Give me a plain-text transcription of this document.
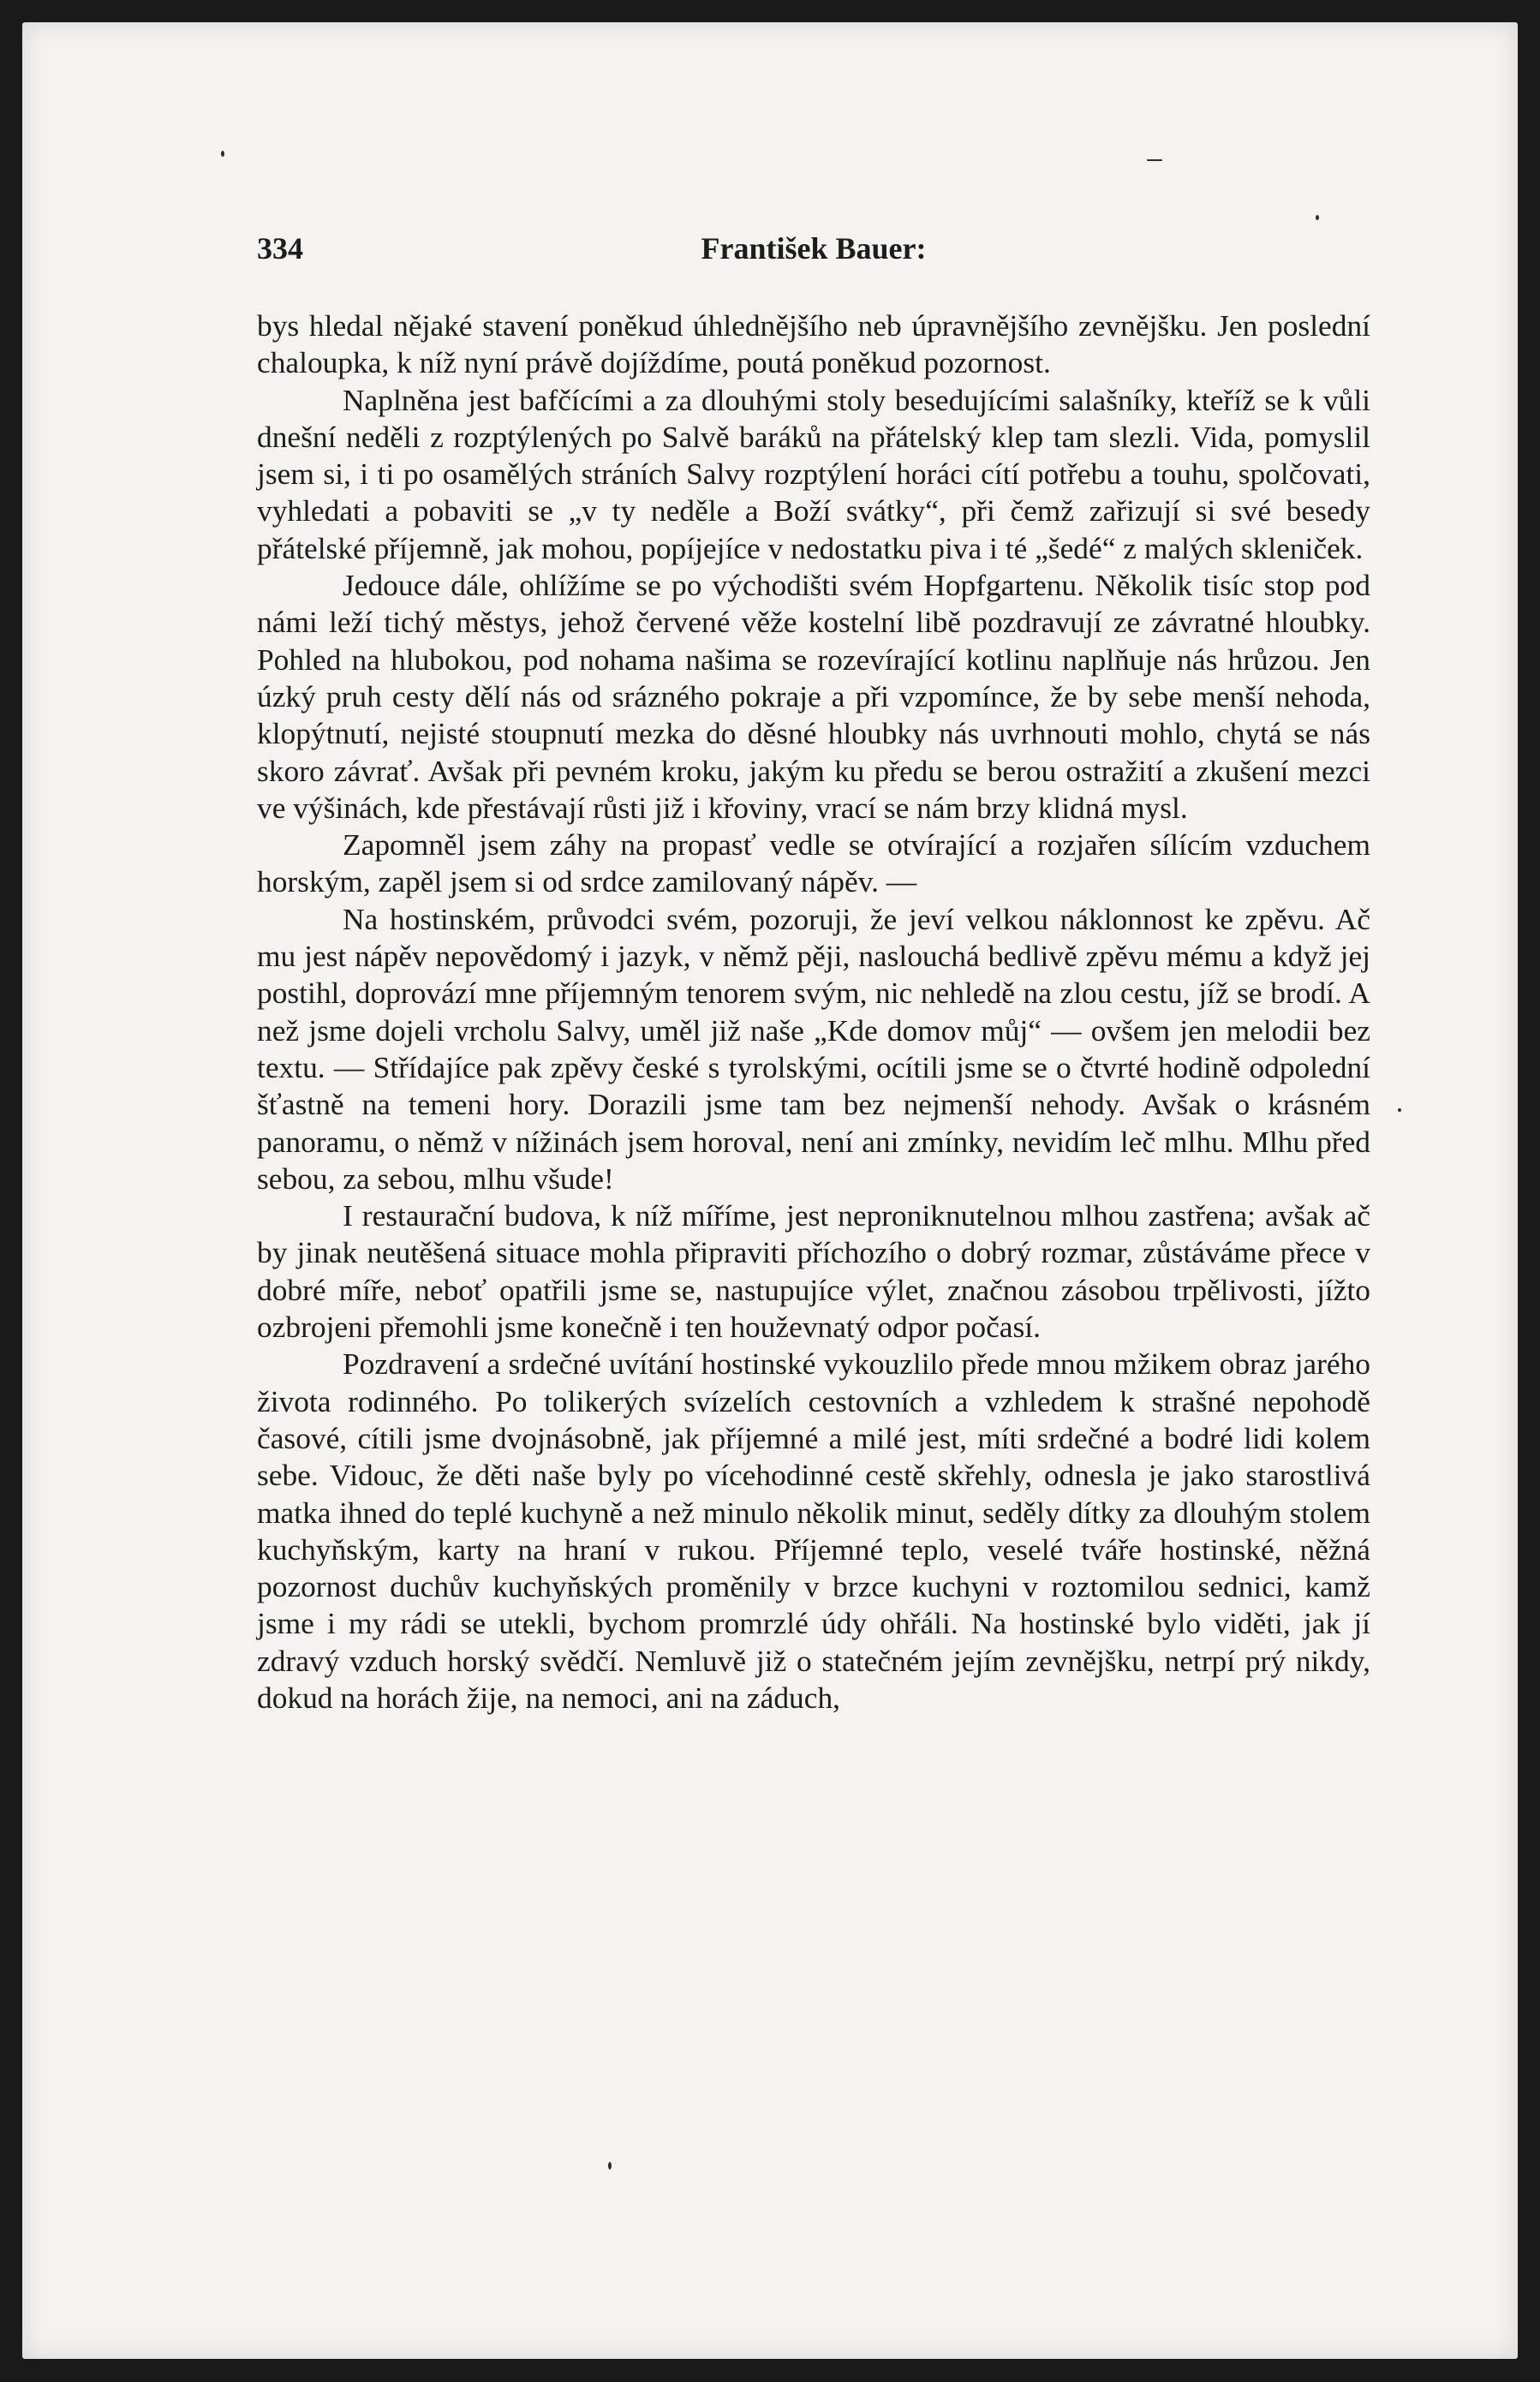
334	František Bauer:

bys hledal nějaké stavení poněkud úhlednějšího neb úpravnějšího zevnějšku. Jen poslední chaloupka, k níž nyní právě dojíždíme, poutá poněkud pozornost.

Naplněna jest bafčícími a za dlouhými stoly besedujícími salašníky, kteříž se k vůli dnešní neděli z rozptýlených po Salvě baráků na přátelský klep tam slezli. Vida, pomyslil jsem si, i ti po osamělých stráních Salvy rozptýlení horáci cítí potřebu a touhu, spolčovati, vyhledati a pobaviti se „v ty neděle a Boží svátky“, při čemž zařizují si své besedy přátelské příjemně, jak mohou, popíjejíce v nedostatku piva i té „šedé“ z malých skleniček.

Jedouce dále, ohlížíme se po východišti svém Hopfgartenu. Několik tisíc stop pod námi leží tichý městys, jehož červené věže kostelní libě pozdravují ze závratné hloubky. Pohled na hlubokou, pod nohama našima se rozevírající kotlinu naplňuje nás hrůzou. Jen úzký pruh cesty dělí nás od srázného pokraje a při vzpomínce, že by sebe menší nehoda, klopýtnutí, nejisté stoupnutí mezka do děsné hloubky nás uvrhnouti mohlo, chytá se nás skoro závrať. Avšak při pevném kroku, jakým ku předu se berou ostražití a zkušení mezci ve výšinách, kde přestávají růsti již i křoviny, vrací se nám brzy klidná mysl.

Zapomněl jsem záhy na propasť vedle se otvírající a rozjařen sílícím vzduchem horským, zapěl jsem si od srdce zamilovaný nápěv. —

Na hostinském, průvodci svém, pozoruji, že jeví velkou náklonnost ke zpěvu. Ač mu jest nápěv nepovědomý i jazyk, v němž pěji, naslouchá bedlivě zpěvu mému a když jej postihl, doprovází mne příjemným tenorem svým, nic nehledě na zlou cestu, jíž se brodí. A než jsme dojeli vrcholu Salvy, uměl již naše „Kde domov můj“ — ovšem jen melodii bez textu. — Střídajíce pak zpěvy české s tyrolskými, ocítili jsme se o čtvrté hodině odpolední šťastně na temeni hory. Dorazili jsme tam bez nejmenší nehody. Avšak o krásném panoramu, o němž v nížinách jsem horoval, není ani zmínky, nevidím leč mlhu. Mlhu před sebou, za sebou, mlhu všude!

I restaurační budova, k níž míříme, jest neproniknutelnou mlhou zastřena; avšak ač by jinak neutěšená situace mohla připraviti příchozího o dobrý rozmar, zůstáváme přece v dobré míře, neboť opatřili jsme se, nastupujíce výlet, značnou zásobou trpělivosti, jížto ozbrojeni přemohli jsme konečně i ten houževnatý odpor počasí.

Pozdravení a srdečné uvítání hostinské vykouzlilo přede mnou mžikem obraz jarého života rodinného. Po tolikerých svízelích cestovních a vzhledem k strašné nepohodě časové, cítili jsme dvojnásobně, jak příjemné a milé jest, míti srdečné a bodré lidi kolem sebe. Vidouc, že děti naše byly po vícehodinné cestě skřehly, odnesla je jako starostlivá matka ihned do teplé kuchyně a než minulo několik minut, seděly dítky za dlouhým stolem kuchyňským, karty na hraní v rukou. Příjemné teplo, veselé tváře hostinské, něžná pozornost duchův kuchyňských proměnily v brzce kuchyni v roztomilou sednici, kamž jsme i my rádi se utekli, bychom promrzlé údy ohřáli. Na hostinské bylo viděti, jak jí zdravý vzduch horský svědčí. Nemluvě již o statečném jejím zevnějšku, netrpí prý nikdy, dokud na horách žije, na nemoci, ani na záduch,
